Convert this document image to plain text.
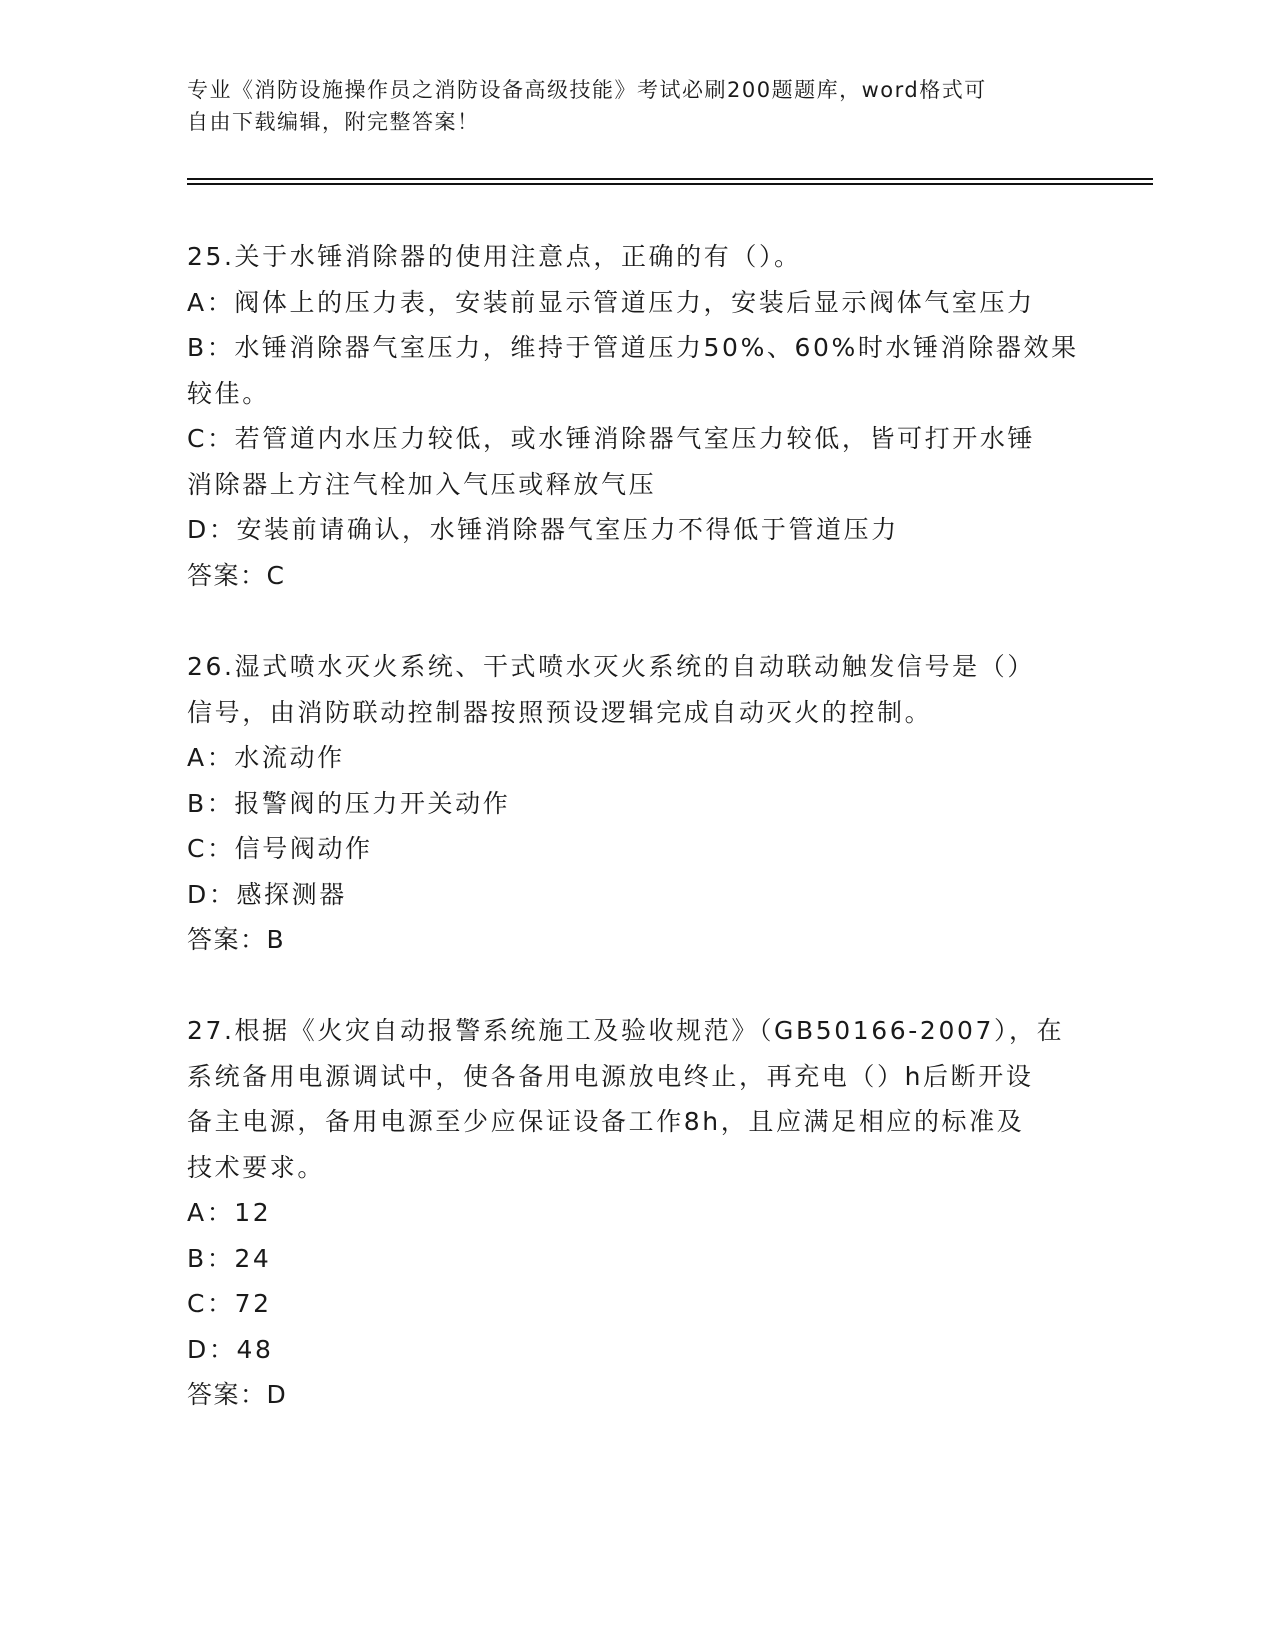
专业《消防设施操作员之消防设备高级技能》考试必刷200题题库，word格式可
自由下载编辑，附完整答案！
25.关于水锤消除器的使用注意点，正确的有（）。
A：阀体上的压力表，安装前显示管道压力，安装后显示阀体气室压力
B：水锤消除器气室压力，维持于管道压力50%、60%时水锤消除器效果
较佳。
C：若管道内水压力较低，或水锤消除器气室压力较低，皆可打开水锤
消除器上方注气栓加入气压或释放气压
D：安装前请确认，水锤消除器气室压力不得低于管道压力
答案：C
26.湿式喷水灭火系统、干式喷水灭火系统的自动联动触发信号是（）
信号，由消防联动控制器按照预设逻辑完成自动灭火的控制。
A：水流动作
B：报警阀的压力开关动作
C：信号阀动作
D：感探测器
答案：B
27.根据《火灾自动报警系统施工及验收规范》（GB50166-2007），在
系统备用电源调试中，使各备用电源放电终止，再充电（）h后断开设
备主电源，备用电源至少应保证设备工作8h，且应满足相应的标准及
技术要求。
A：12
B：24
C：72
D：48
答案：D
